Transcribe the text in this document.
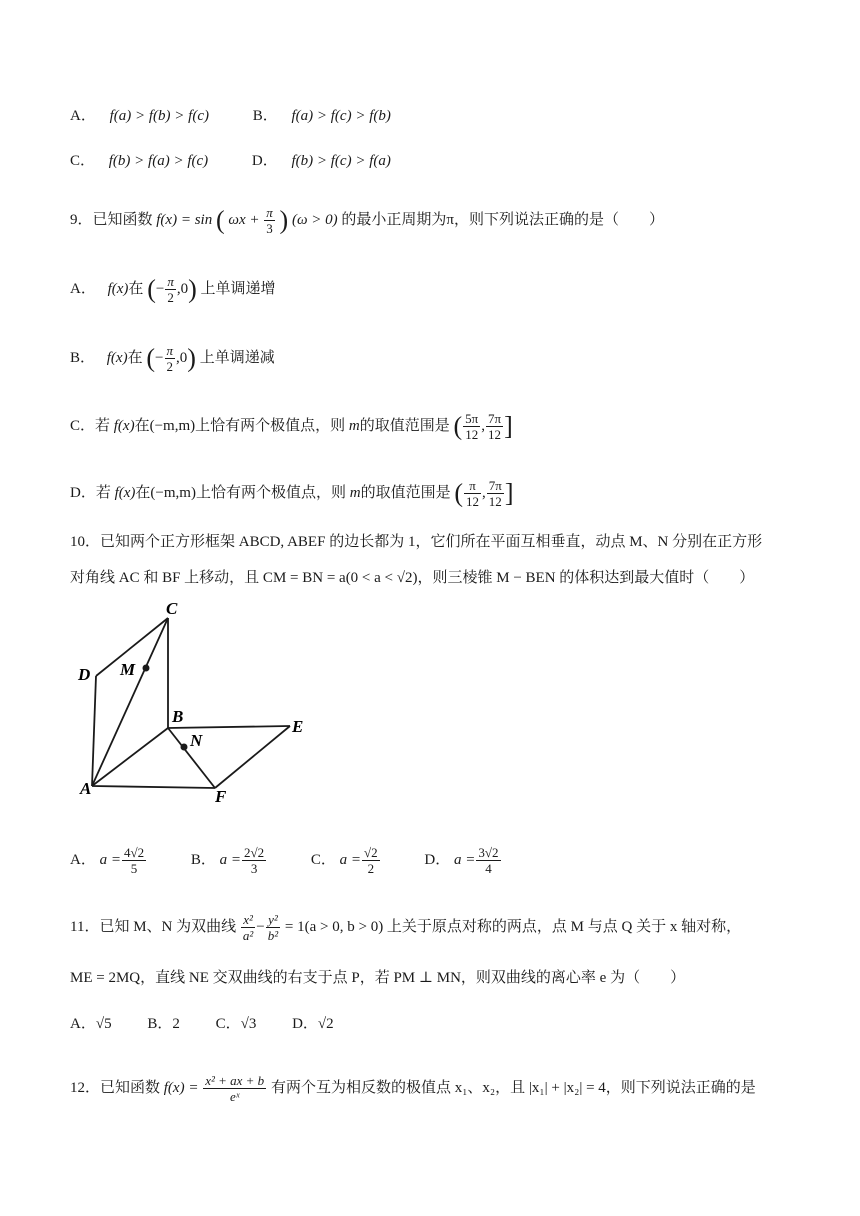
A． f(a) > f(b) > f(c)	B． f(a) > f(c) > f(b)
C． f(b) > f(a) > f(c)	D． f(b) > f(c) > f(a)
9．已知函数 f(x) = sin ( $\omega x + \frac{\pi}{3}$ ) (ω > 0) 的最小正周期为π，则下列说法正确的是（　　）
A． f(x)在 (− $\frac{\pi}{2} ,0$) 上单调递增
B． f(x)在 (− $\frac{\pi}{2} ,0$) 上单调递减
C．若 f(x)在(−m,m)上恰有两个极值点，则 m的取值范围是 ( $\frac{5\pi}{12}$ , $\frac{7\pi}{12}$ ]
D．若 f(x)在(−m,m)上恰有两个极值点，则 m的取值范围是 ( $\frac{\pi}{12}$ , $\frac{7\pi}{12}$ ]
10．已知两个正方形框架 ABCD, ABEF 的边长都为 1，它们所在平面互相垂直，动点 M、N 分别在正方形
对角线 AC 和 BF 上移动，且 CM = BN = a(0 < a < √2)，则三棱锥 M − BEN 的体积达到最大值时（　　）
C
D M
B
N
E
A	F
A． $a = \frac{4√2}{5}$	B． $a = \frac{2√2}{3}$	C． $a = \frac{√2}{2}$	D． $a = \frac{3√2}{4}$
11．已知 M、N 为双曲线 $\frac{\text{x²}}{\text{a²}} - \frac{\text{y²}}{\text{b²}} = 1(a > 0$, b > 0) 上关于原点对称的两点，点 M 与点 Q 关于 x 轴对称，
ME = 2MQ，直线 NE 交双曲线的右支于点 P，若 PM ⊥ MN，则双曲线的离心率 e 为（　　）
A．√5 B．2 C．√3 D．√2
12．已知函数 $f(x) = \frac{\text{x² + ax + b}}{\text{eˣ}}$ 有两个互为相反数的极值点 x₁、x₂，且 |x₁| + |x₂| = 4，则下列说法正确的是
